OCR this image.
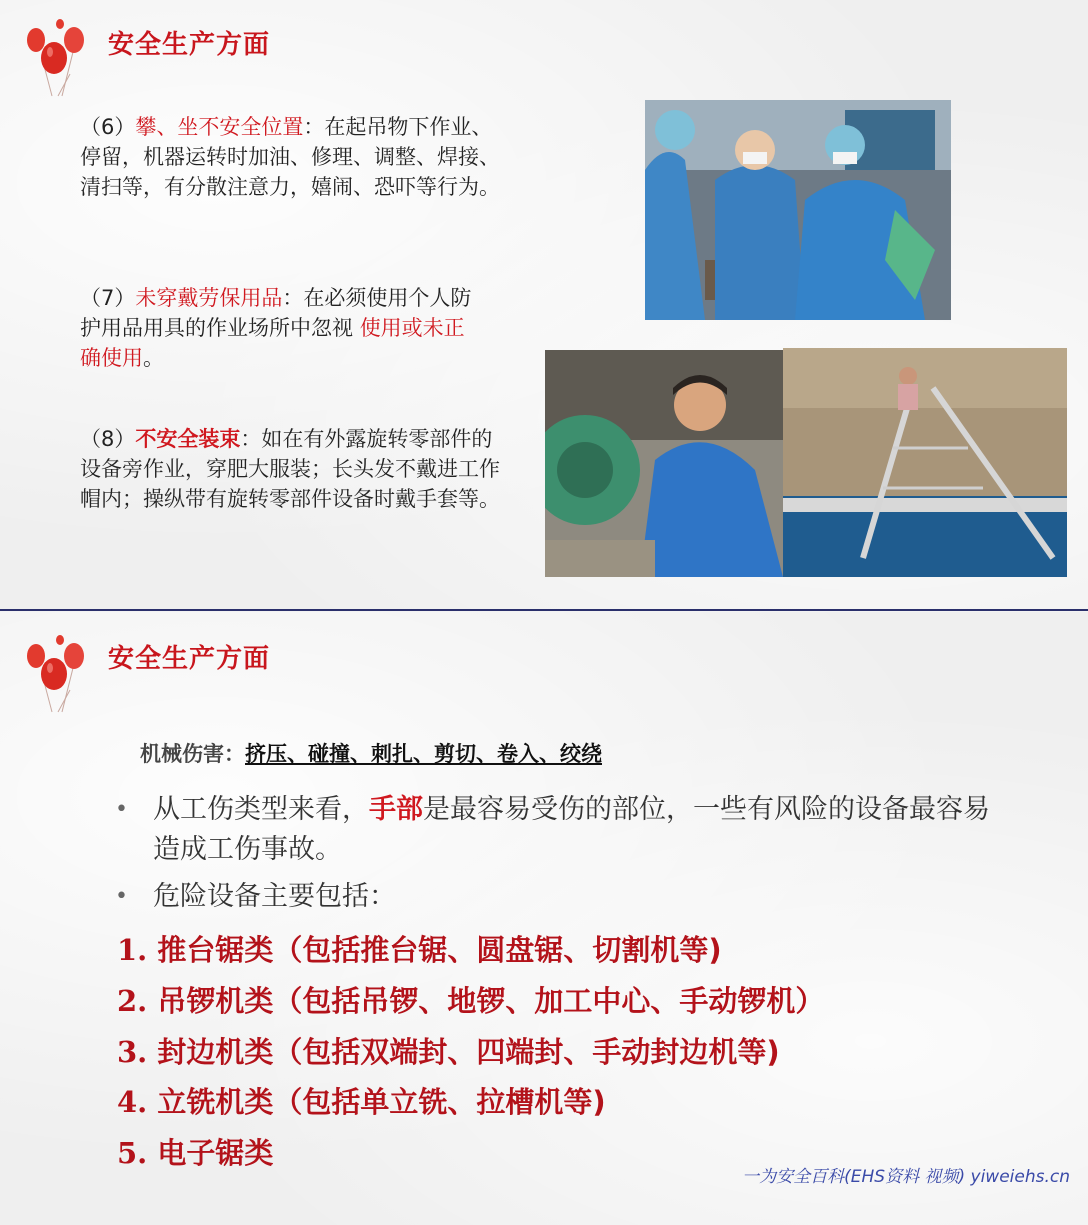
安全生产方面
（6）攀、坐不安全位置：在起吊物下作业、停留，机器运转时加油、修理、调整、焊接、清扫等，有分散注意力，嬉闹、恐吓等行为。
（7）未穿戴劳保用品：在必须使用个人防护用品用具的作业场所中忽视 使用或未正确使用。
（8）不安全装束：如在有外露旋转零部件的设备旁作业，穿肥大服装；长头发不戴进工作帽内；操纵带有旋转零部件设备时戴手套等。
安全生产方面
机械伤害：挤压、碰撞、刺扎、剪切、卷入、绞绕
• 从工伤类型来看，手部是最容易受伤的部位，一些有风险的设备最容易造成工伤事故。
• 危险设备主要包括：
1. 推台锯类（包括推台锯、圆盘锯、切割机等)
2. 吊锣机类（包括吊锣、地锣、加工中心、手动锣机）
3. 封边机类（包括双端封、四端封、手动封边机等)
4. 立铣机类（包括单立铣、拉槽机等)
5. 电子锯类
一为安全百科(EHS资料 视频) yiweiehs.cn
